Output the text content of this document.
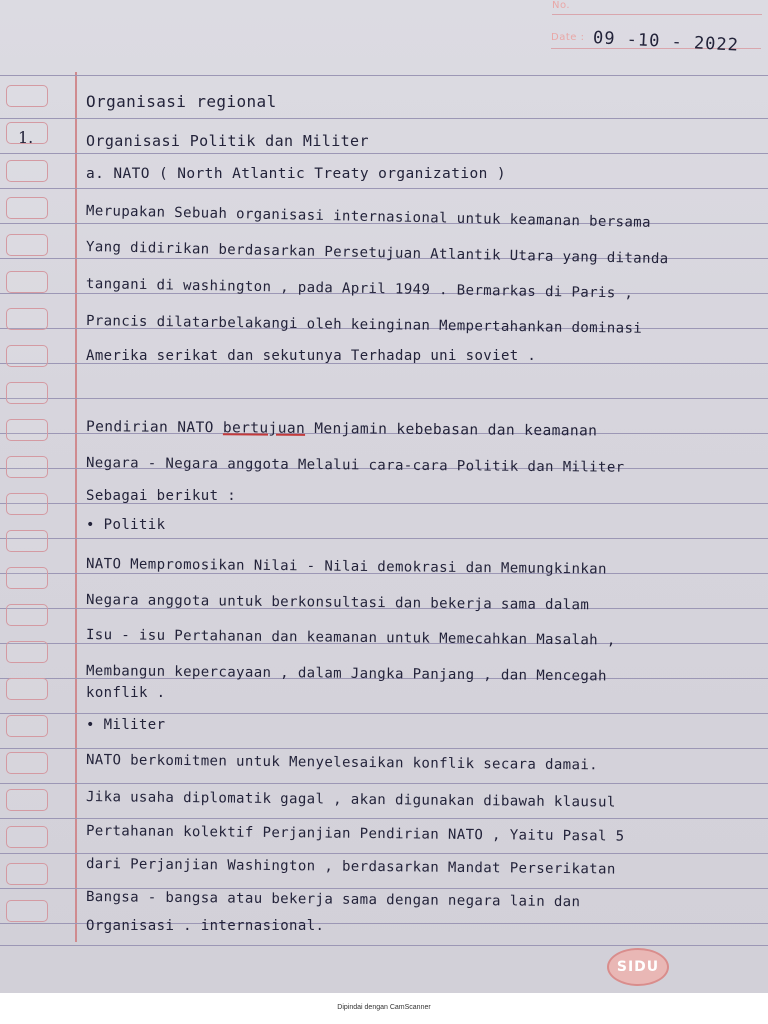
No.
Date : 09 -10 - 2022
1.
Organisasi regional
Organisasi Politik dan Militer
a. NATO ( North Atlantic Treaty organization )
Merupakan Sebuah organisasi internasional untuk keamanan bersama
Yang didirikan berdasarkan Persetujuan Atlantik Utara yang ditanda
tangani di washington , pada April 1949 . Bermarkas di Paris ,
Prancis dilatarbelakangi oleh keinginan Mempertahankan dominasi
Amerika serikat dan sekutunya Terhadap uni soviet .
Pendirian NATO bertujuan Menjamin kebebasan dan keamanan
Negara - Negara anggota Melalui cara-cara Politik dan Militer
Sebagai berikut :
• Politik
NATO Mempromosikan Nilai - Nilai demokrasi dan Memungkinkan
Negara anggota untuk berkonsultasi dan bekerja sama dalam
Isu - isu Pertahanan dan keamanan untuk Memecahkan Masalah ,
Membangun kepercayaan , dalam Jangka Panjang , dan Mencegah
konflik .
• Militer
NATO berkomitmen untuk Menyelesaikan konflik secara damai.
Jika usaha diplomatik gagal , akan digunakan dibawah klausul
Pertahanan kolektif Perjanjian Pendirian NATO , Yaitu Pasal 5
dari Perjanjian Washington , berdasarkan Mandat Perserikatan
Bangsa - bangsa atau bekerja sama dengan negara lain dan
Organisasi . internasional.
SIDU
Dipindai dengan CamScanner
